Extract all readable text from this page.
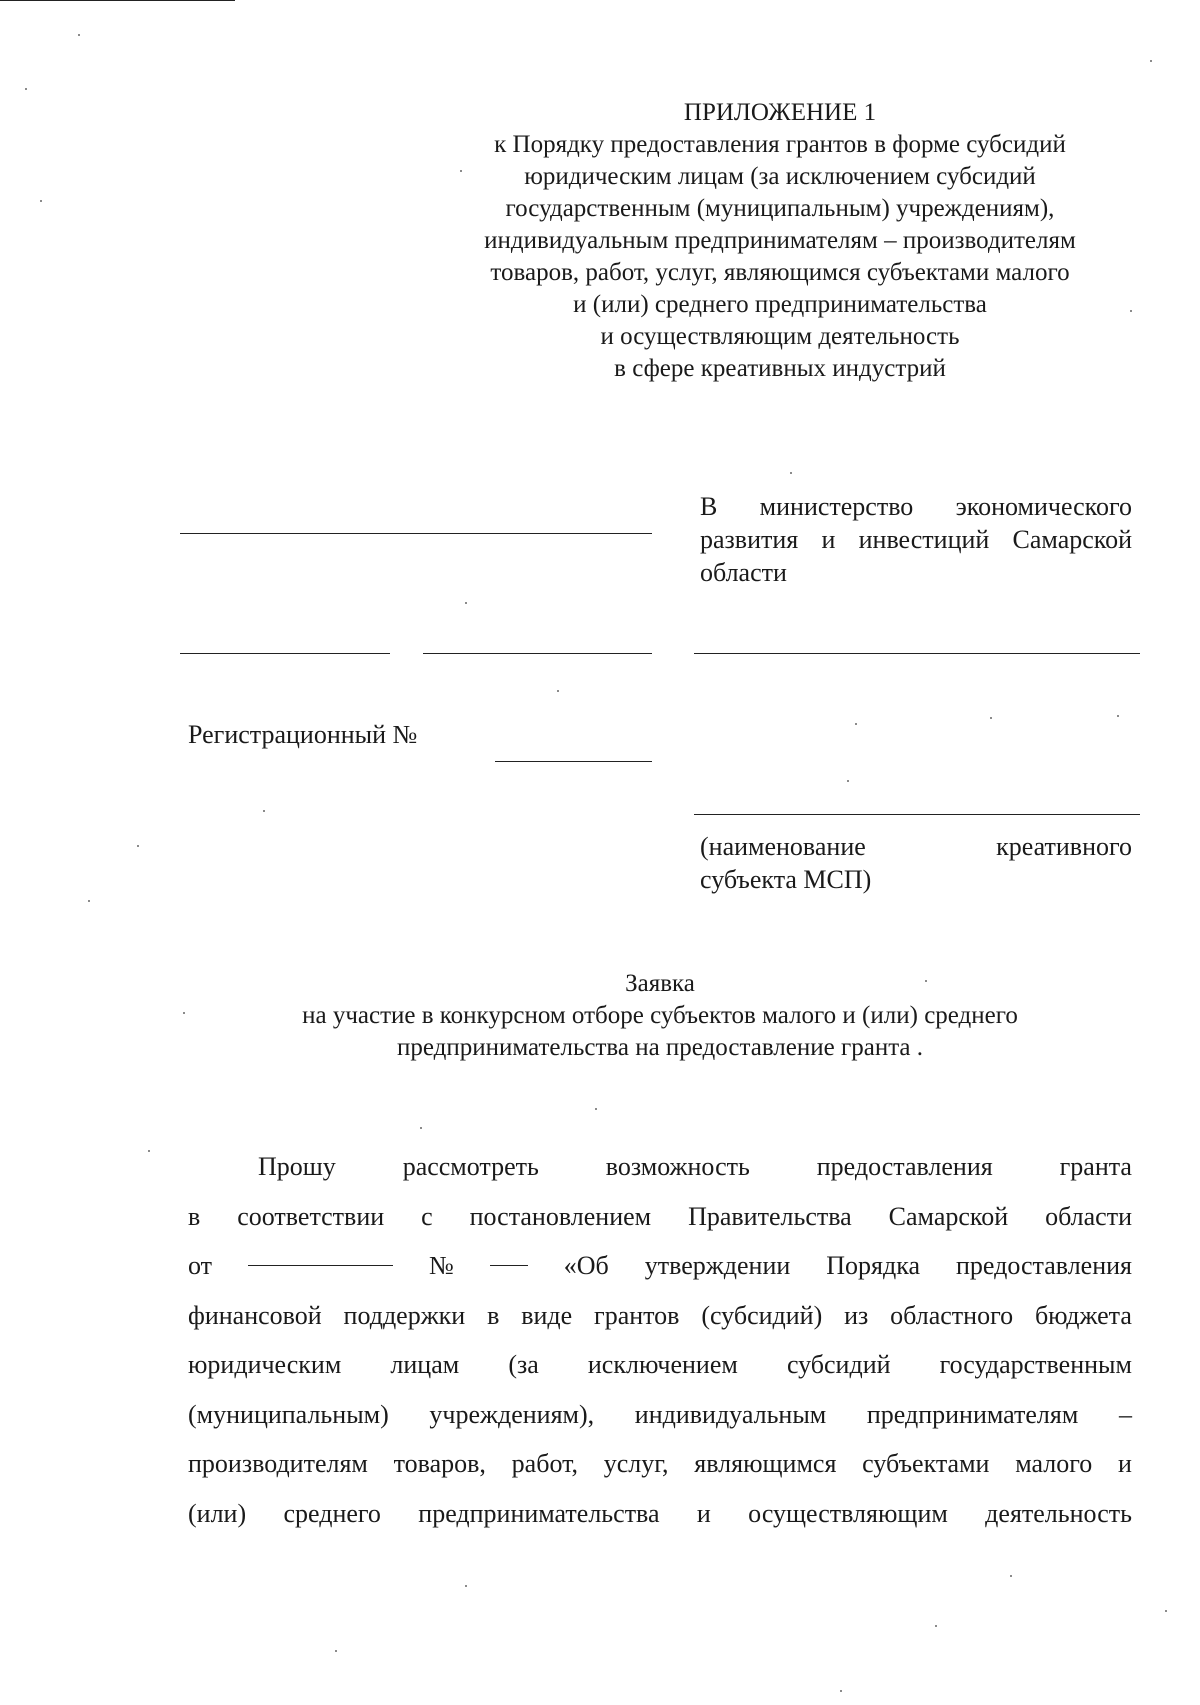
ПРИЛОЖЕНИЕ 1
к Порядку предоставления грантов в форме субсидий
юридическим лицам (за исключением субсидий
государственным (муниципальным) учреждениям),
индивидуальным предпринимателям – производителям
товаров, работ, услуг, являющимся субъектами малого
и (или) среднего предпринимательства
и осуществляющим деятельность
в сфере креативных индустрий
В министерство экономического
развития и инвестиций Самарской
области
Регистрационный №
(наименование	креативного
субъекта МСП)
Заявка
на участие в конкурсном отборе субъектов малого и (или) среднего
предпринимательства на предоставление гранта .
Прошу	рассмотреть	возможность	предоставления	гранта
в соответствии с постановлением Правительства Самарской области
от	№	«Об утверждении Порядка предоставления
финансовой поддержки в виде грантов (субсидий) из областного бюджета
юридическим лицам (за исключением субсидий государственным
(муниципальным) учреждениям), индивидуальным предпринимателям –
производителям товаров, работ, услуг, являющимся субъектами малого и
(или) среднего предпринимательства и осуществляющим деятельность
